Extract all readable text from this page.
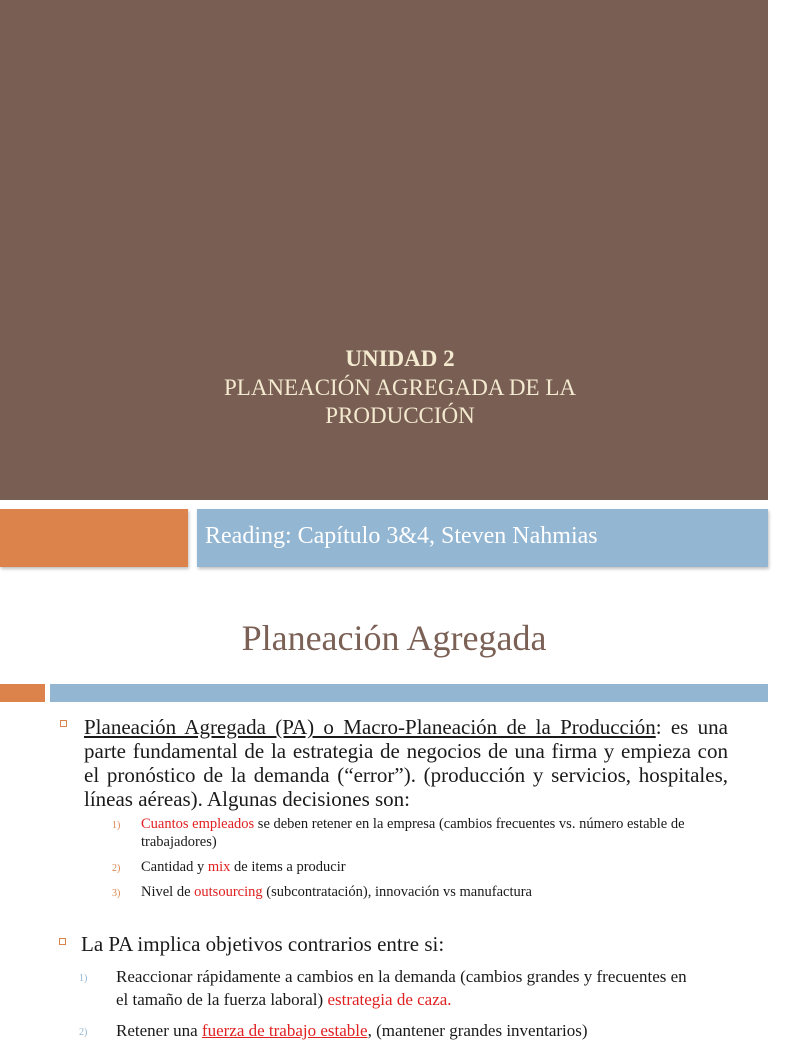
UNIDAD 2
PLANEACIÓN AGREGADA DE LA
PRODUCCIÓN
Reading: Capítulo 3&4, Steven Nahmias
Planeación Agregada
Planeación Agregada (PA) o Macro-Planeación de la Producción: es una parte fundamental de la estrategia de negocios de una firma y empieza con el pronóstico de la demanda (“error”). (producción y servicios, hospitales, líneas aéreas). Algunas decisiones son:
1) Cuantos empleados se deben retener en la empresa (cambios frecuentes vs. número estable de trabajadores)
2) Cantidad y mix de items a producir
3) Nivel de outsourcing (subcontratación), innovación vs manufactura
La PA implica objetivos contrarios entre si:
1) Reaccionar rápidamente a cambios en la demanda (cambios grandes y frecuentes en el tamaño de la fuerza laboral) estrategia de caza.
2) Retener una fuerza de trabajo estable, (mantener grandes inventarios)
